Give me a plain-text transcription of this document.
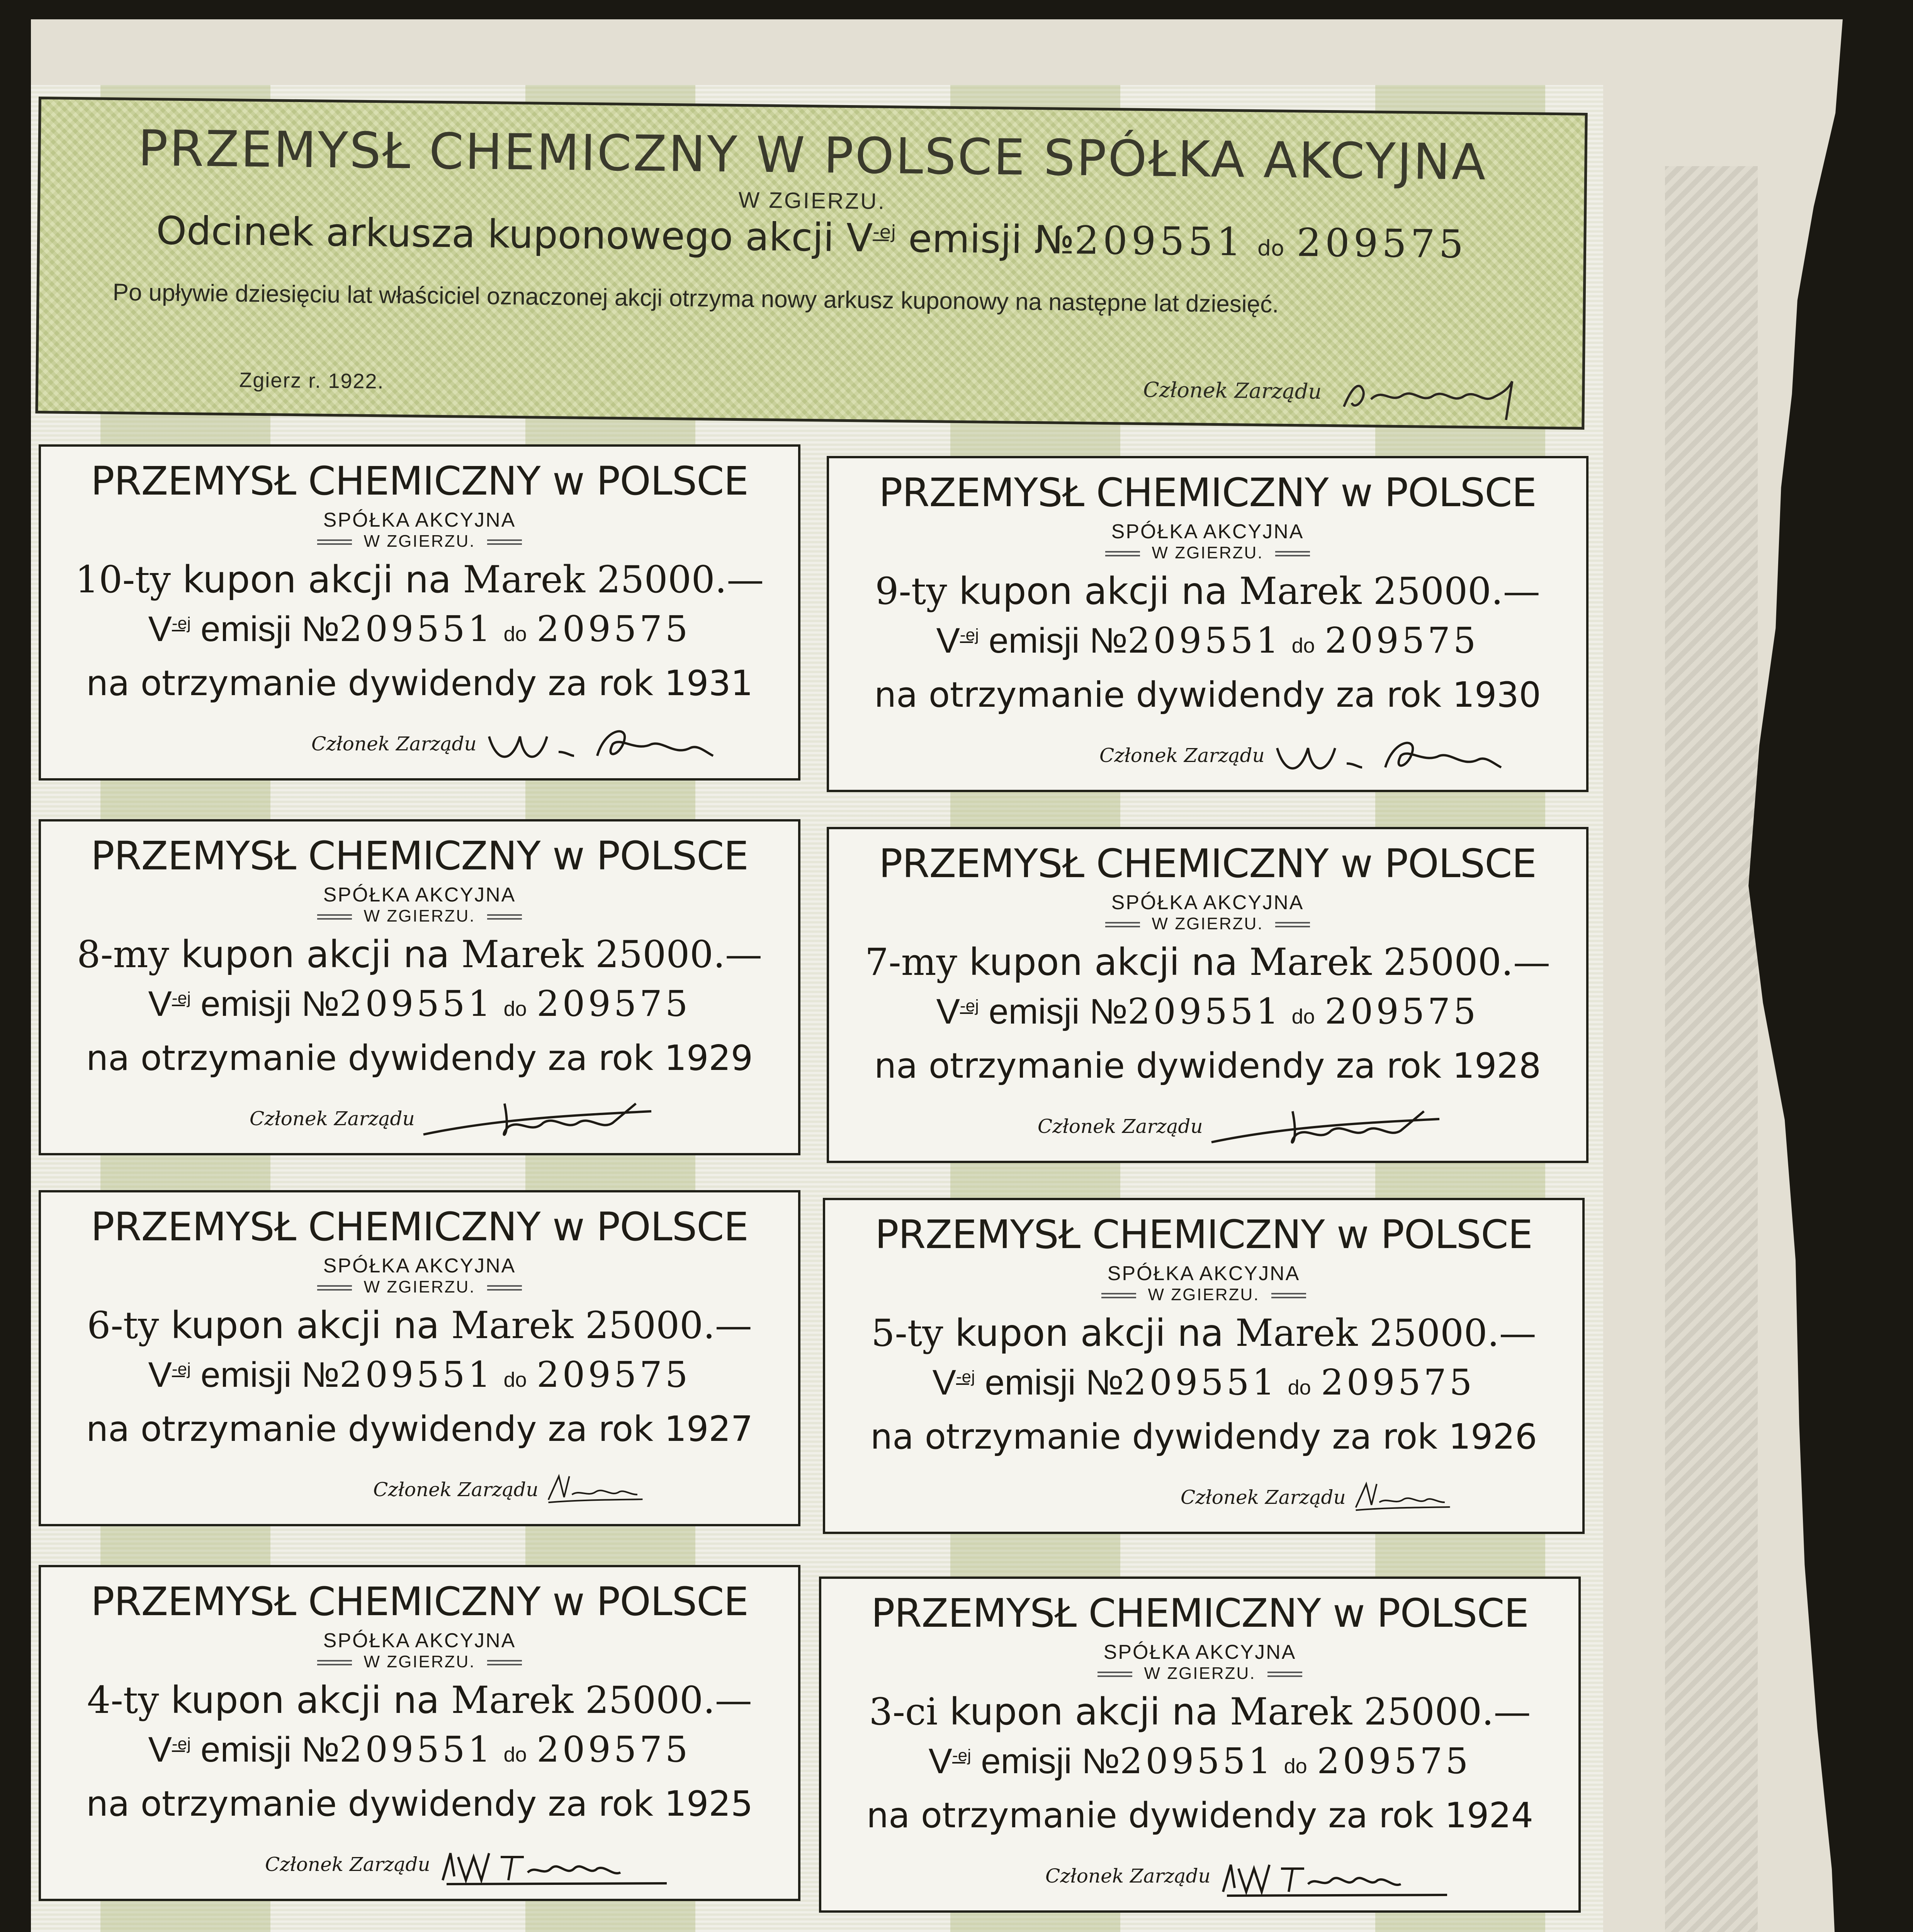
PRZEMYSŁ CHEMICZNY W POLSCE SPÓŁKA AKCYJNA
W ZGIERZU.
Odcinek arkusza kuponowego akcji $V^{-ej}$ emisji №209551 do 209575
Po upływie dziesięciu lat właściciel oznaczonej akcji otrzyma nowy arkusz kuponowy na następne lat dziesięć.
Zgierz r. 1922.	Członek Zarządu
PRZEMYSŁ CHEMICZNY w POLSCE
SPÓŁKA AKCYJNA
W ZGIERZU.
10-ty kupon akcji na Marek 25000.—
$V^{-ej}$ emisji №209551 do 209575
na otrzymanie dywidendy za rok 1931
Członek Zarządu
PRZEMYSŁ CHEMICZNY w POLSCE
SPÓŁKA AKCYJNA
W ZGIERZU.
9-ty kupon akcji na Marek 25000.—
$V^{-ej}$ emisji №209551 do 209575
na otrzymanie dywidendy za rok 1930
Członek Zarządu
PRZEMYSŁ CHEMICZNY w POLSCE
SPÓŁKA AKCYJNA
W ZGIERZU.
8-my kupon akcji na Marek 25000.—
$V^{-ej}$ emisji №209551 do 209575
na otrzymanie dywidendy za rok 1929
Członek Zarządu
PRZEMYSŁ CHEMICZNY w POLSCE
SPÓŁKA AKCYJNA
W ZGIERZU.
7-my kupon akcji na Marek 25000.—
$V^{-ej}$ emisji №209551 do 209575
na otrzymanie dywidendy za rok 1928
Członek Zarządu
PRZEMYSŁ CHEMICZNY w POLSCE
SPÓŁKA AKCYJNA
W ZGIERZU.
6-ty kupon akcji na Marek 25000.—
$V^{-ej}$ emisji №209551 do 209575
na otrzymanie dywidendy za rok 1927
Członek Zarządu
PRZEMYSŁ CHEMICZNY w POLSCE
SPÓŁKA AKCYJNA
W ZGIERZU.
5-ty kupon akcji na Marek 25000.—
$V^{-ej}$ emisji №209551 do 209575
na otrzymanie dywidendy za rok 1926
Członek Zarządu
PRZEMYSŁ CHEMICZNY w POLSCE
SPÓŁKA AKCYJNA
W ZGIERZU.
4-ty kupon akcji na Marek 25000.—
$V^{-ej}$ emisji №209551 do 209575
na otrzymanie dywidendy za rok 1925
Członek Zarządu
PRZEMYSŁ CHEMICZNY w POLSCE
SPÓŁKA AKCYJNA
W ZGIERZU.
3-ci kupon akcji na Marek 25000.—
$V^{-ej}$ emisji №209551 do 209575
na otrzymanie dywidendy za rok 1924
Członek Zarządu
